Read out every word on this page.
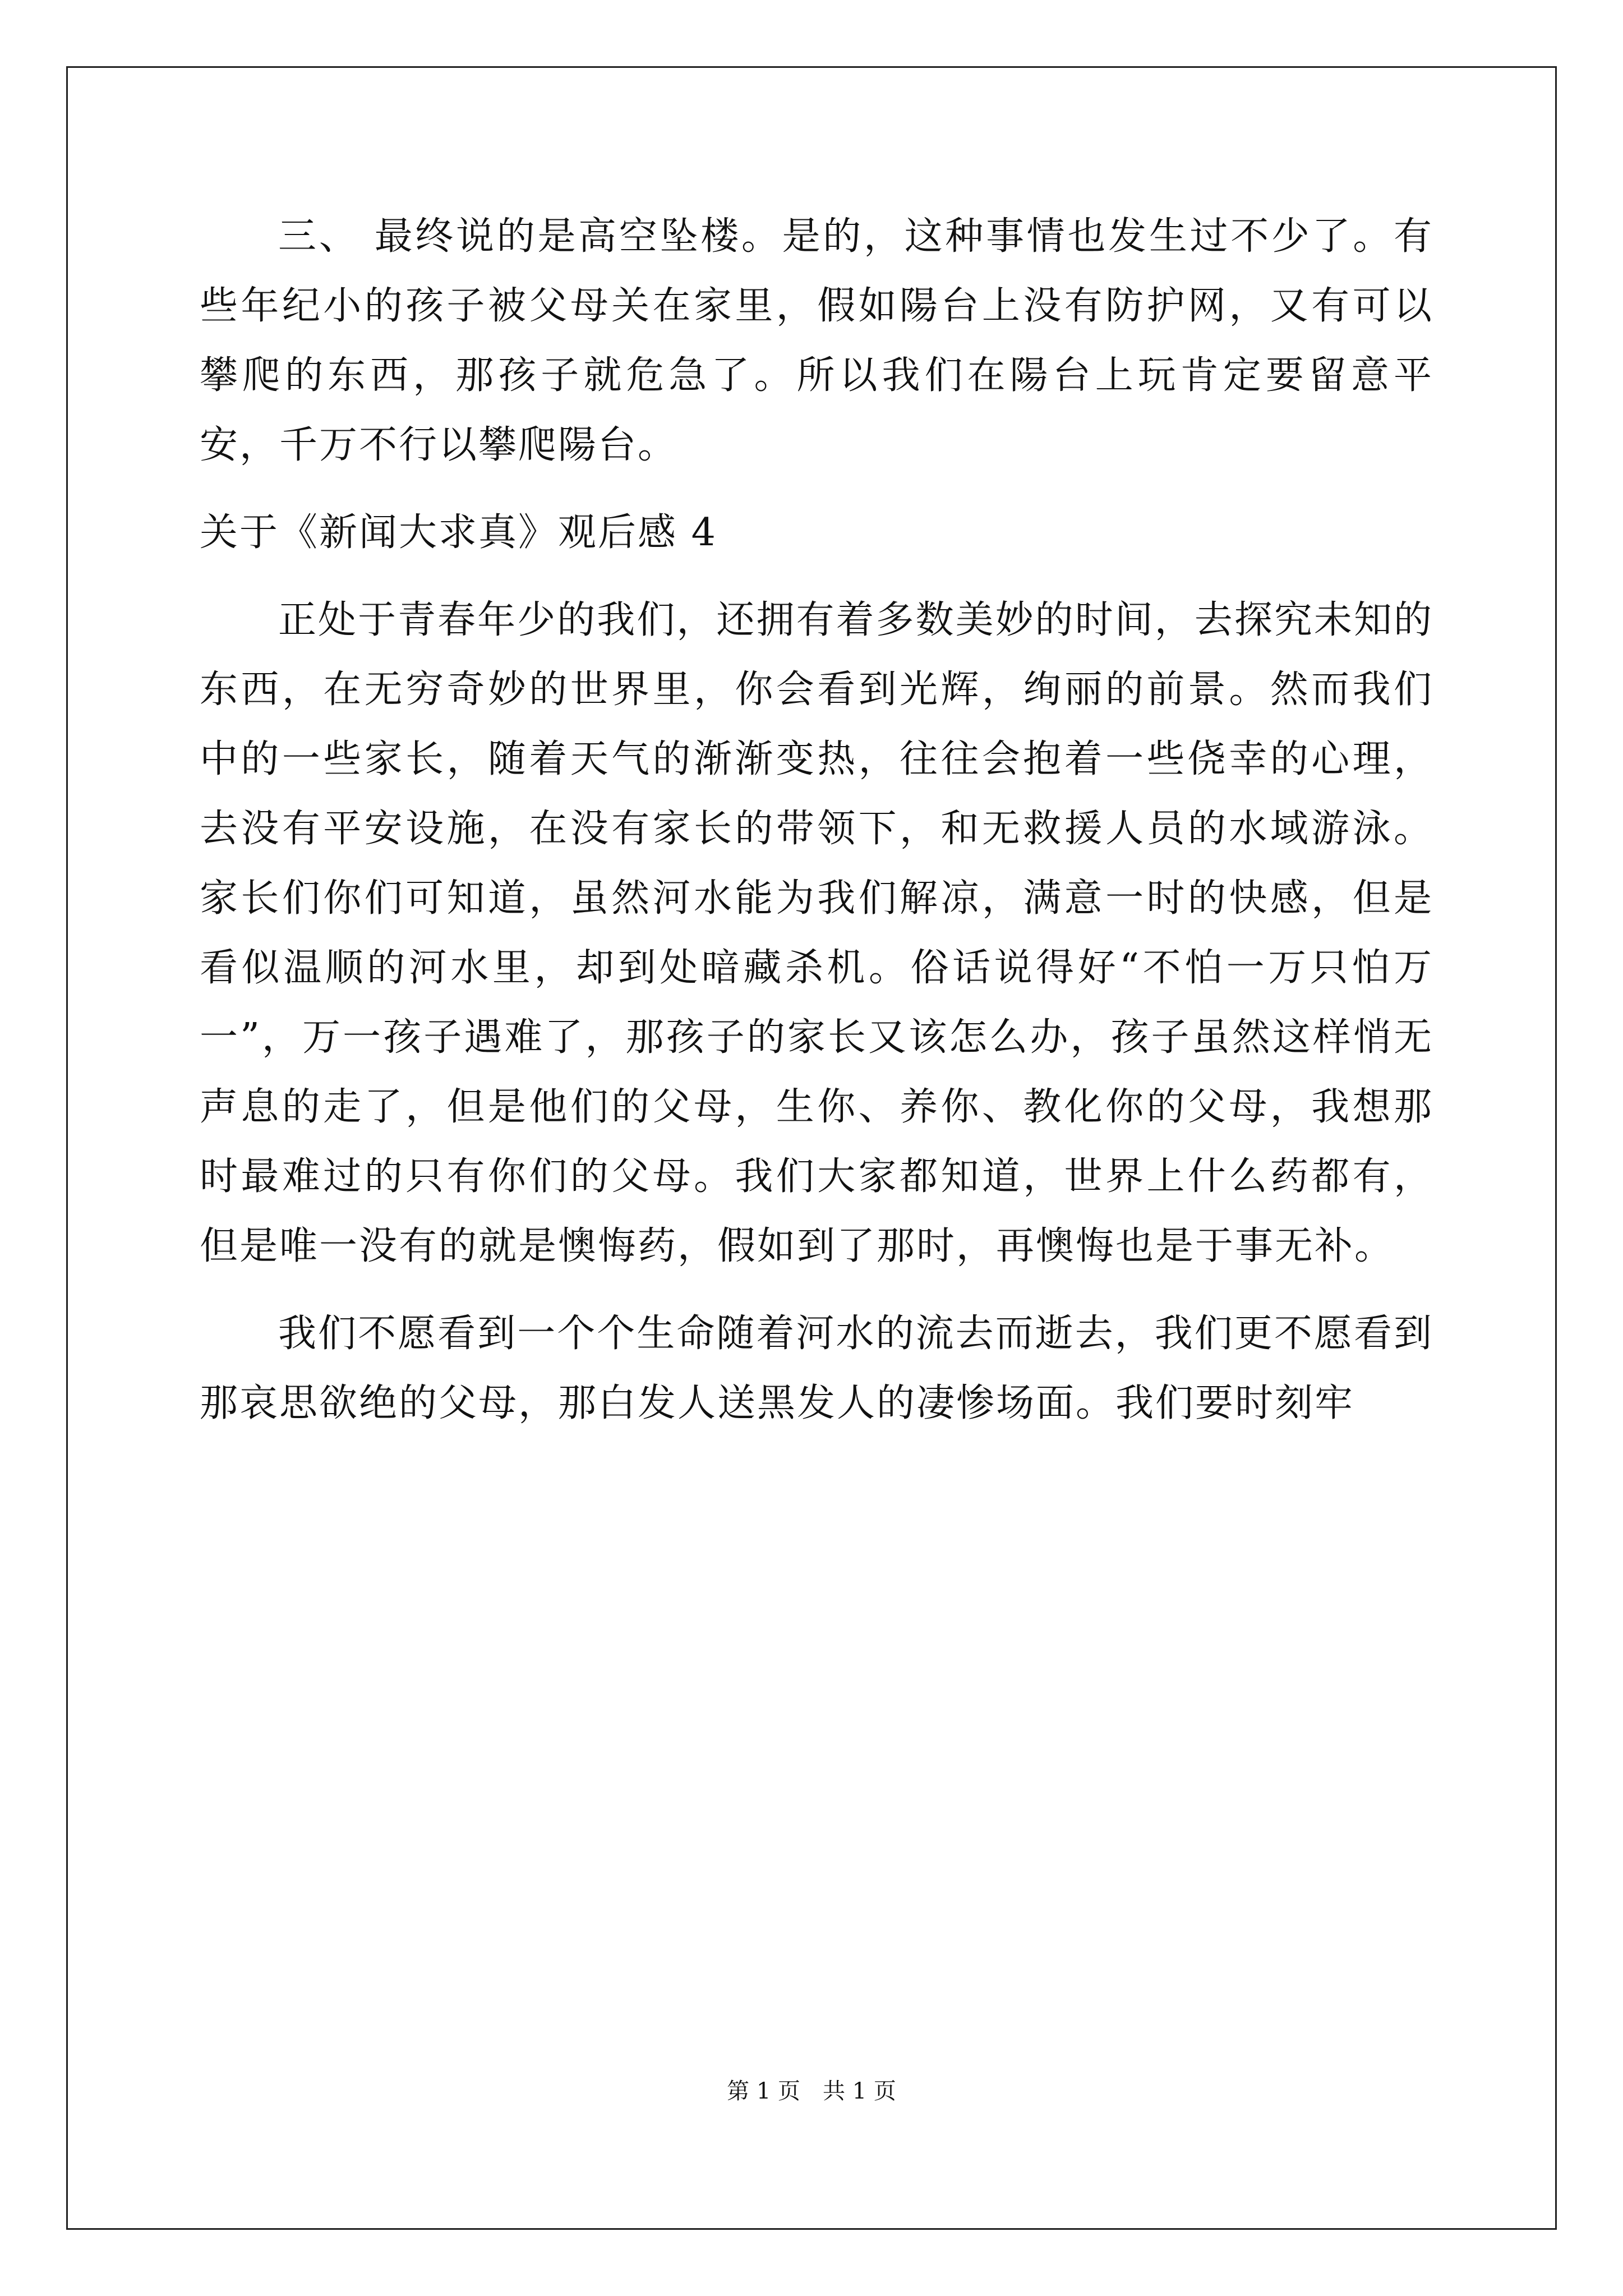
三、 最终说的是高空坠楼。是的，这种事情也发生过不少了。有些年纪小的孩子被父母关在家里，假如陽台上没有防护网，又有可以攀爬的东西，那孩子就危急了。所以我们在陽台上玩肯定要留意平安，千万不行以攀爬陽台。

关于《新闻大求真》观后感 4

正处于青春年少的我们，还拥有着多数美妙的时间，去探究未知的东西，在无穷奇妙的世界里，你会看到光辉，绚丽的前景。然而我们中的一些家长，随着天气的渐渐变热，往往会抱着一些侥幸的心理，去没有平安设施，在没有家长的带领下，和无救援人员的水域游泳。家长们你们可知道，虽然河水能为我们解凉，满意一时的快感，但是看似温顺的河水里，却到处暗藏杀机。俗话说得好“不怕一万只怕万一”，万一孩子遇难了，那孩子的家长又该怎么办，孩子虽然这样悄无声息的走了，但是他们的父母，生你、养你、教化你的父母，我想那时最难过的只有你们的父母。我们大家都知道，世界上什么药都有，但是唯一没有的就是懊悔药，假如到了那时，再懊悔也是于事无补。

我们不愿看到一个个生命随着河水的流去而逝去，我们更不愿看到那哀思欲绝的父母，那白发人送黑发人的凄惨场面。我们要时刻牢

第 1 页 共 1 页
